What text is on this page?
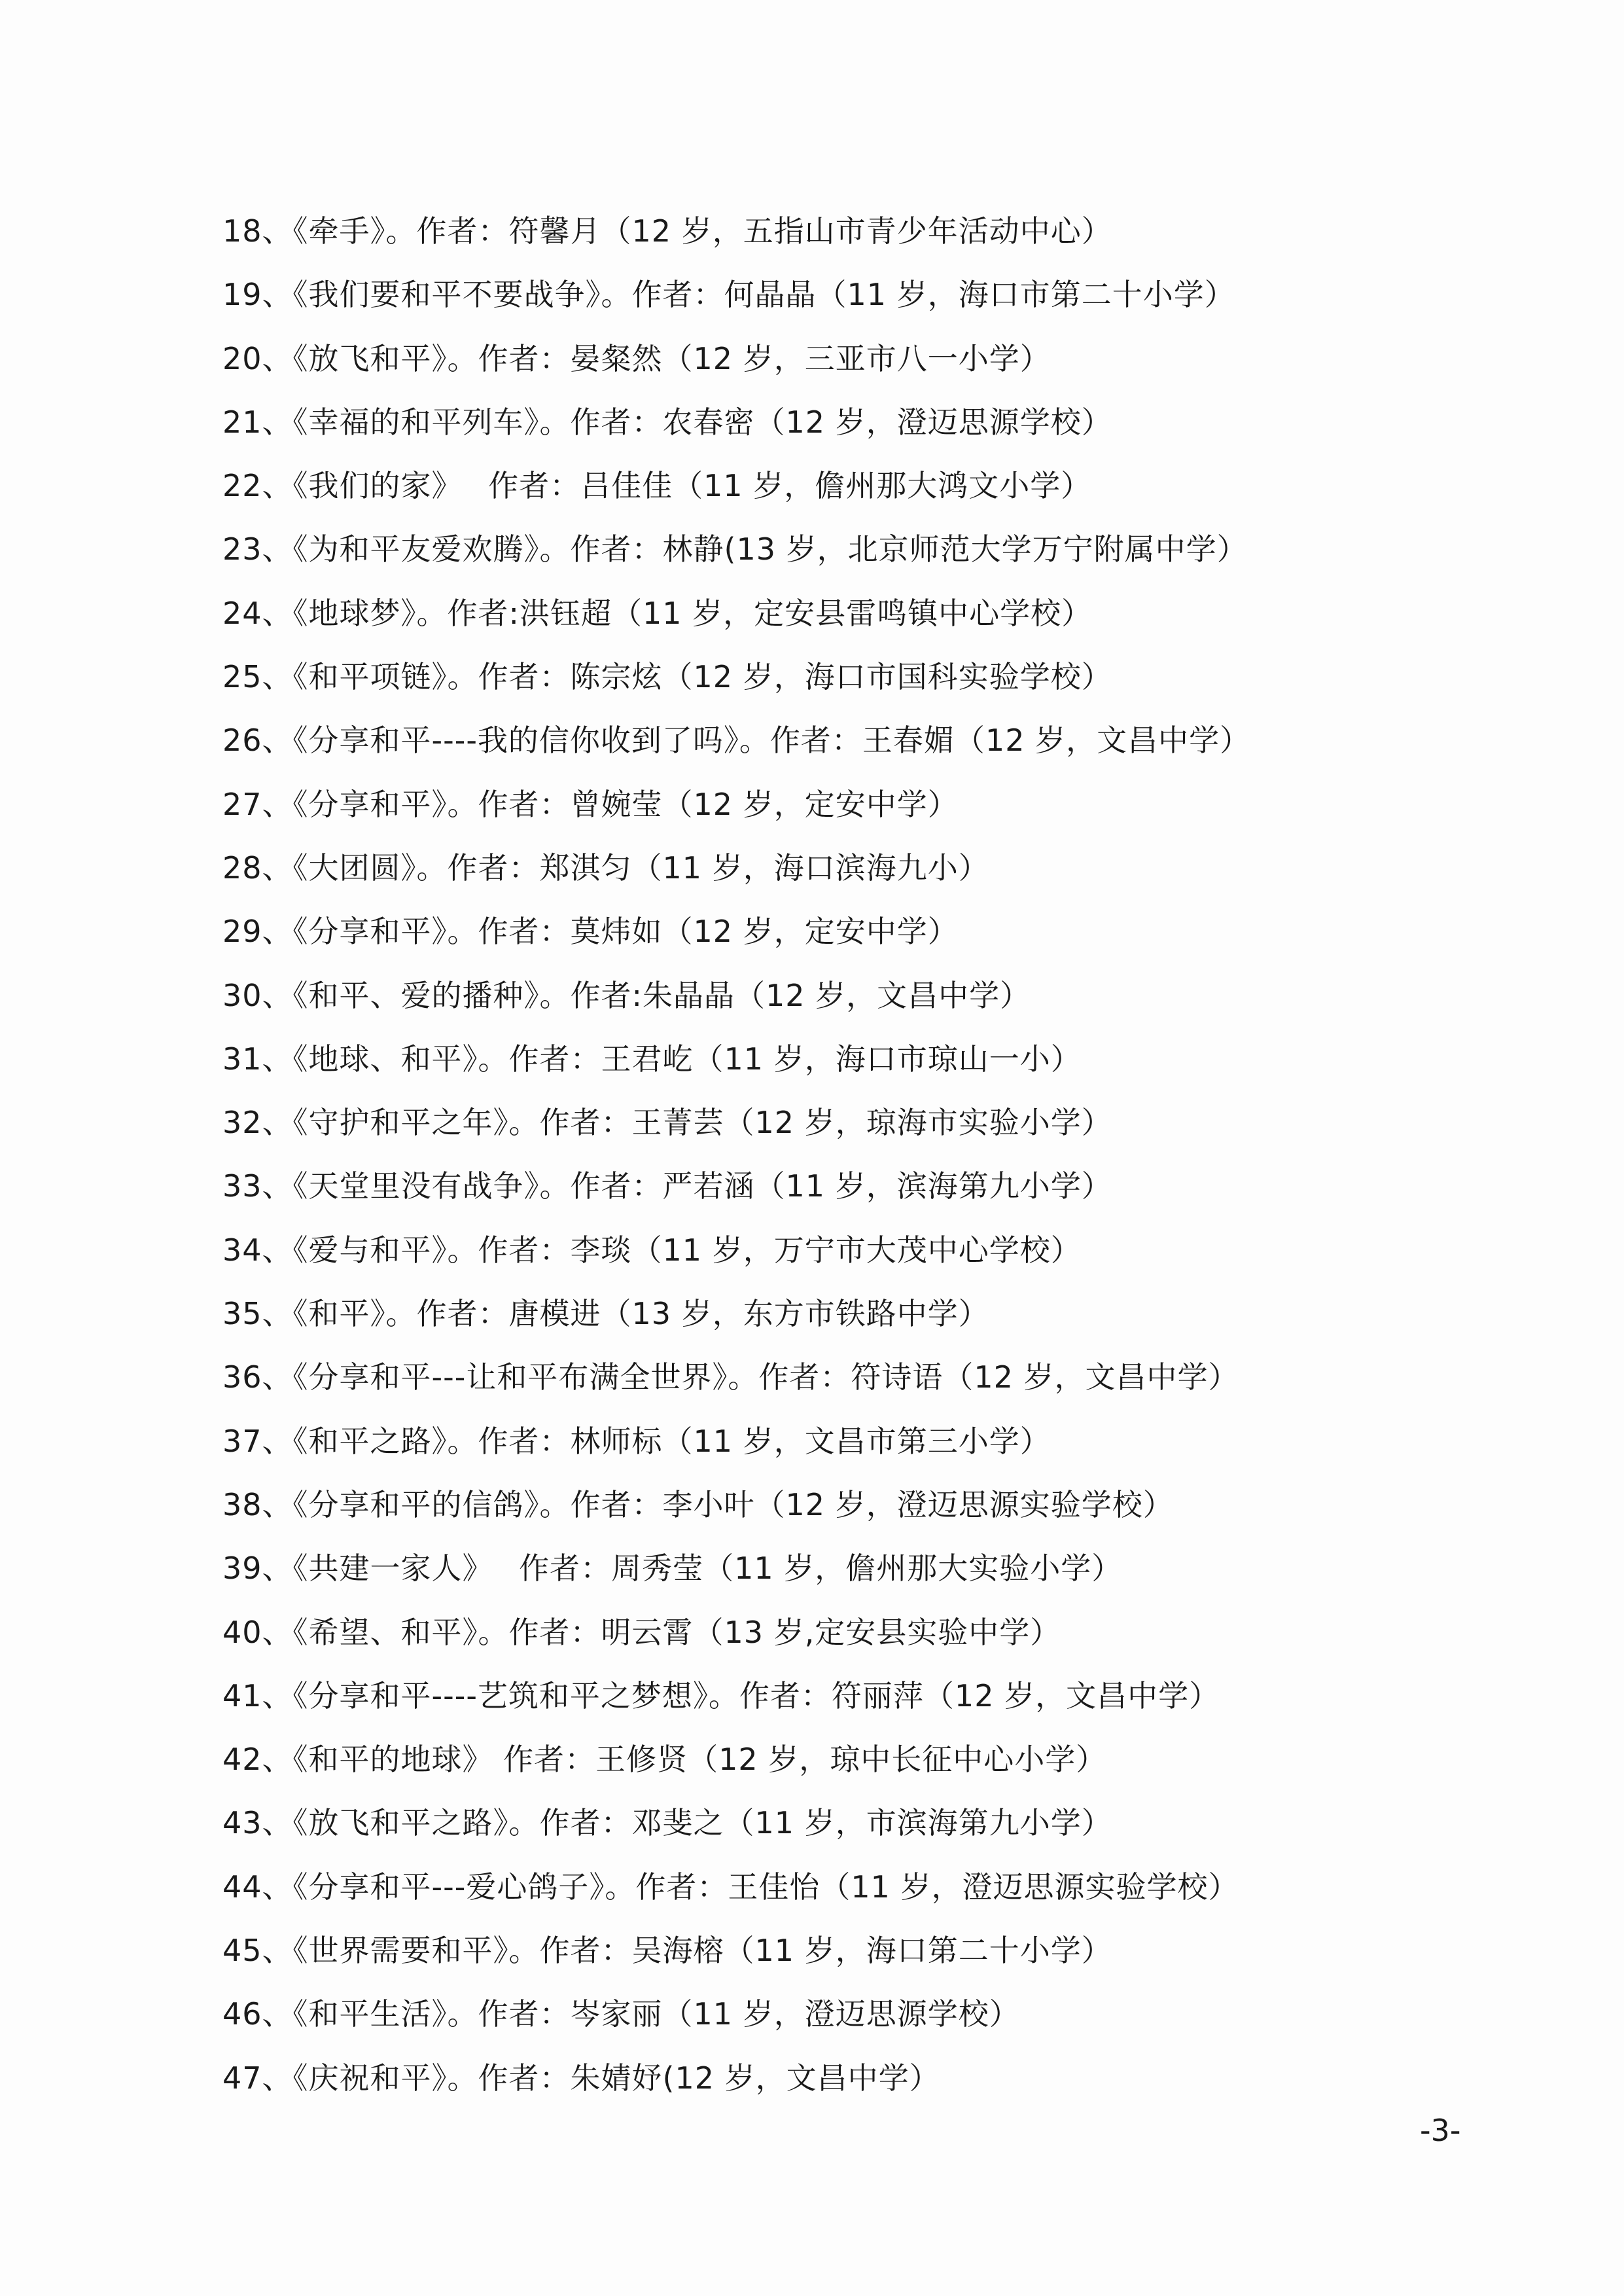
18、《牵手》。作者：符馨月（12 岁，五指山市青少年活动中心）
19、《我们要和平不要战争》。作者：何晶晶（11 岁，海口市第二十小学）
20、《放飞和平》。作者：晏粲然（12 岁，三亚市八一小学）
21、《幸福的和平列车》。作者：农春密（12 岁，澄迈思源学校）
22、《我们的家》　 作者：吕佳佳（11 岁，儋州那大鸿文小学）
23、《为和平友爱欢腾》。作者：林静(13 岁，北京师范大学万宁附属中学）
24、《地球梦》。作者:洪钰超（11 岁，定安县雷鸣镇中心学校）
25、《和平项链》。作者：陈宗炫（12 岁，海口市国科实验学校）
26、《分享和平----我的信你收到了吗》。作者：王春媚（12 岁，文昌中学）
27、《分享和平》。作者：曾婉莹（12 岁，定安中学）
28、《大团圆》。作者：郑淇匀（11 岁，海口滨海九小）
29、《分享和平》。作者：莫炜如（12 岁，定安中学）
30、《和平、爱的播种》。作者:朱晶晶（12 岁，文昌中学）
31、《地球、和平》。作者：王君屹（11 岁，海口市琼山一小）
32、《守护和平之年》。作者：王菁芸（12 岁，琼海市实验小学）
33、《天堂里没有战争》。作者：严若涵（11 岁，滨海第九小学）
34、《爱与和平》。作者：李琰（11 岁，万宁市大茂中心学校）
35、《和平》。作者：唐模进（13 岁，东方市铁路中学）
36、《分享和平---让和平布满全世界》。作者：符诗语（12 岁，文昌中学）
37、《和平之路》。作者：林师标（11 岁，文昌市第三小学）
38、《分享和平的信鸽》。作者：李小叶（12 岁，澄迈思源实验学校）
39、《共建一家人》　 作者：周秀莹（11 岁，儋州那大实验小学）
40、《希望、和平》。作者：明云霄（13 岁,定安县实验中学）
41、《分享和平----艺筑和平之梦想》。作者：符丽萍（12 岁，文昌中学）
42、《和平的地球》 作者：王修贤（12 岁，琼中长征中心小学）
43、《放飞和平之路》。作者：邓斐之（11 岁，市滨海第九小学）
44、《分享和平---爱心鸽子》。作者：王佳怡（11 岁，澄迈思源实验学校）
45、《世界需要和平》。作者：吴海榕（11 岁，海口第二十小学）
46、《和平生活》。作者：岑家丽（11 岁，澄迈思源学校）
47、《庆祝和平》。作者：朱婧妤(12 岁，文昌中学）
-3-
